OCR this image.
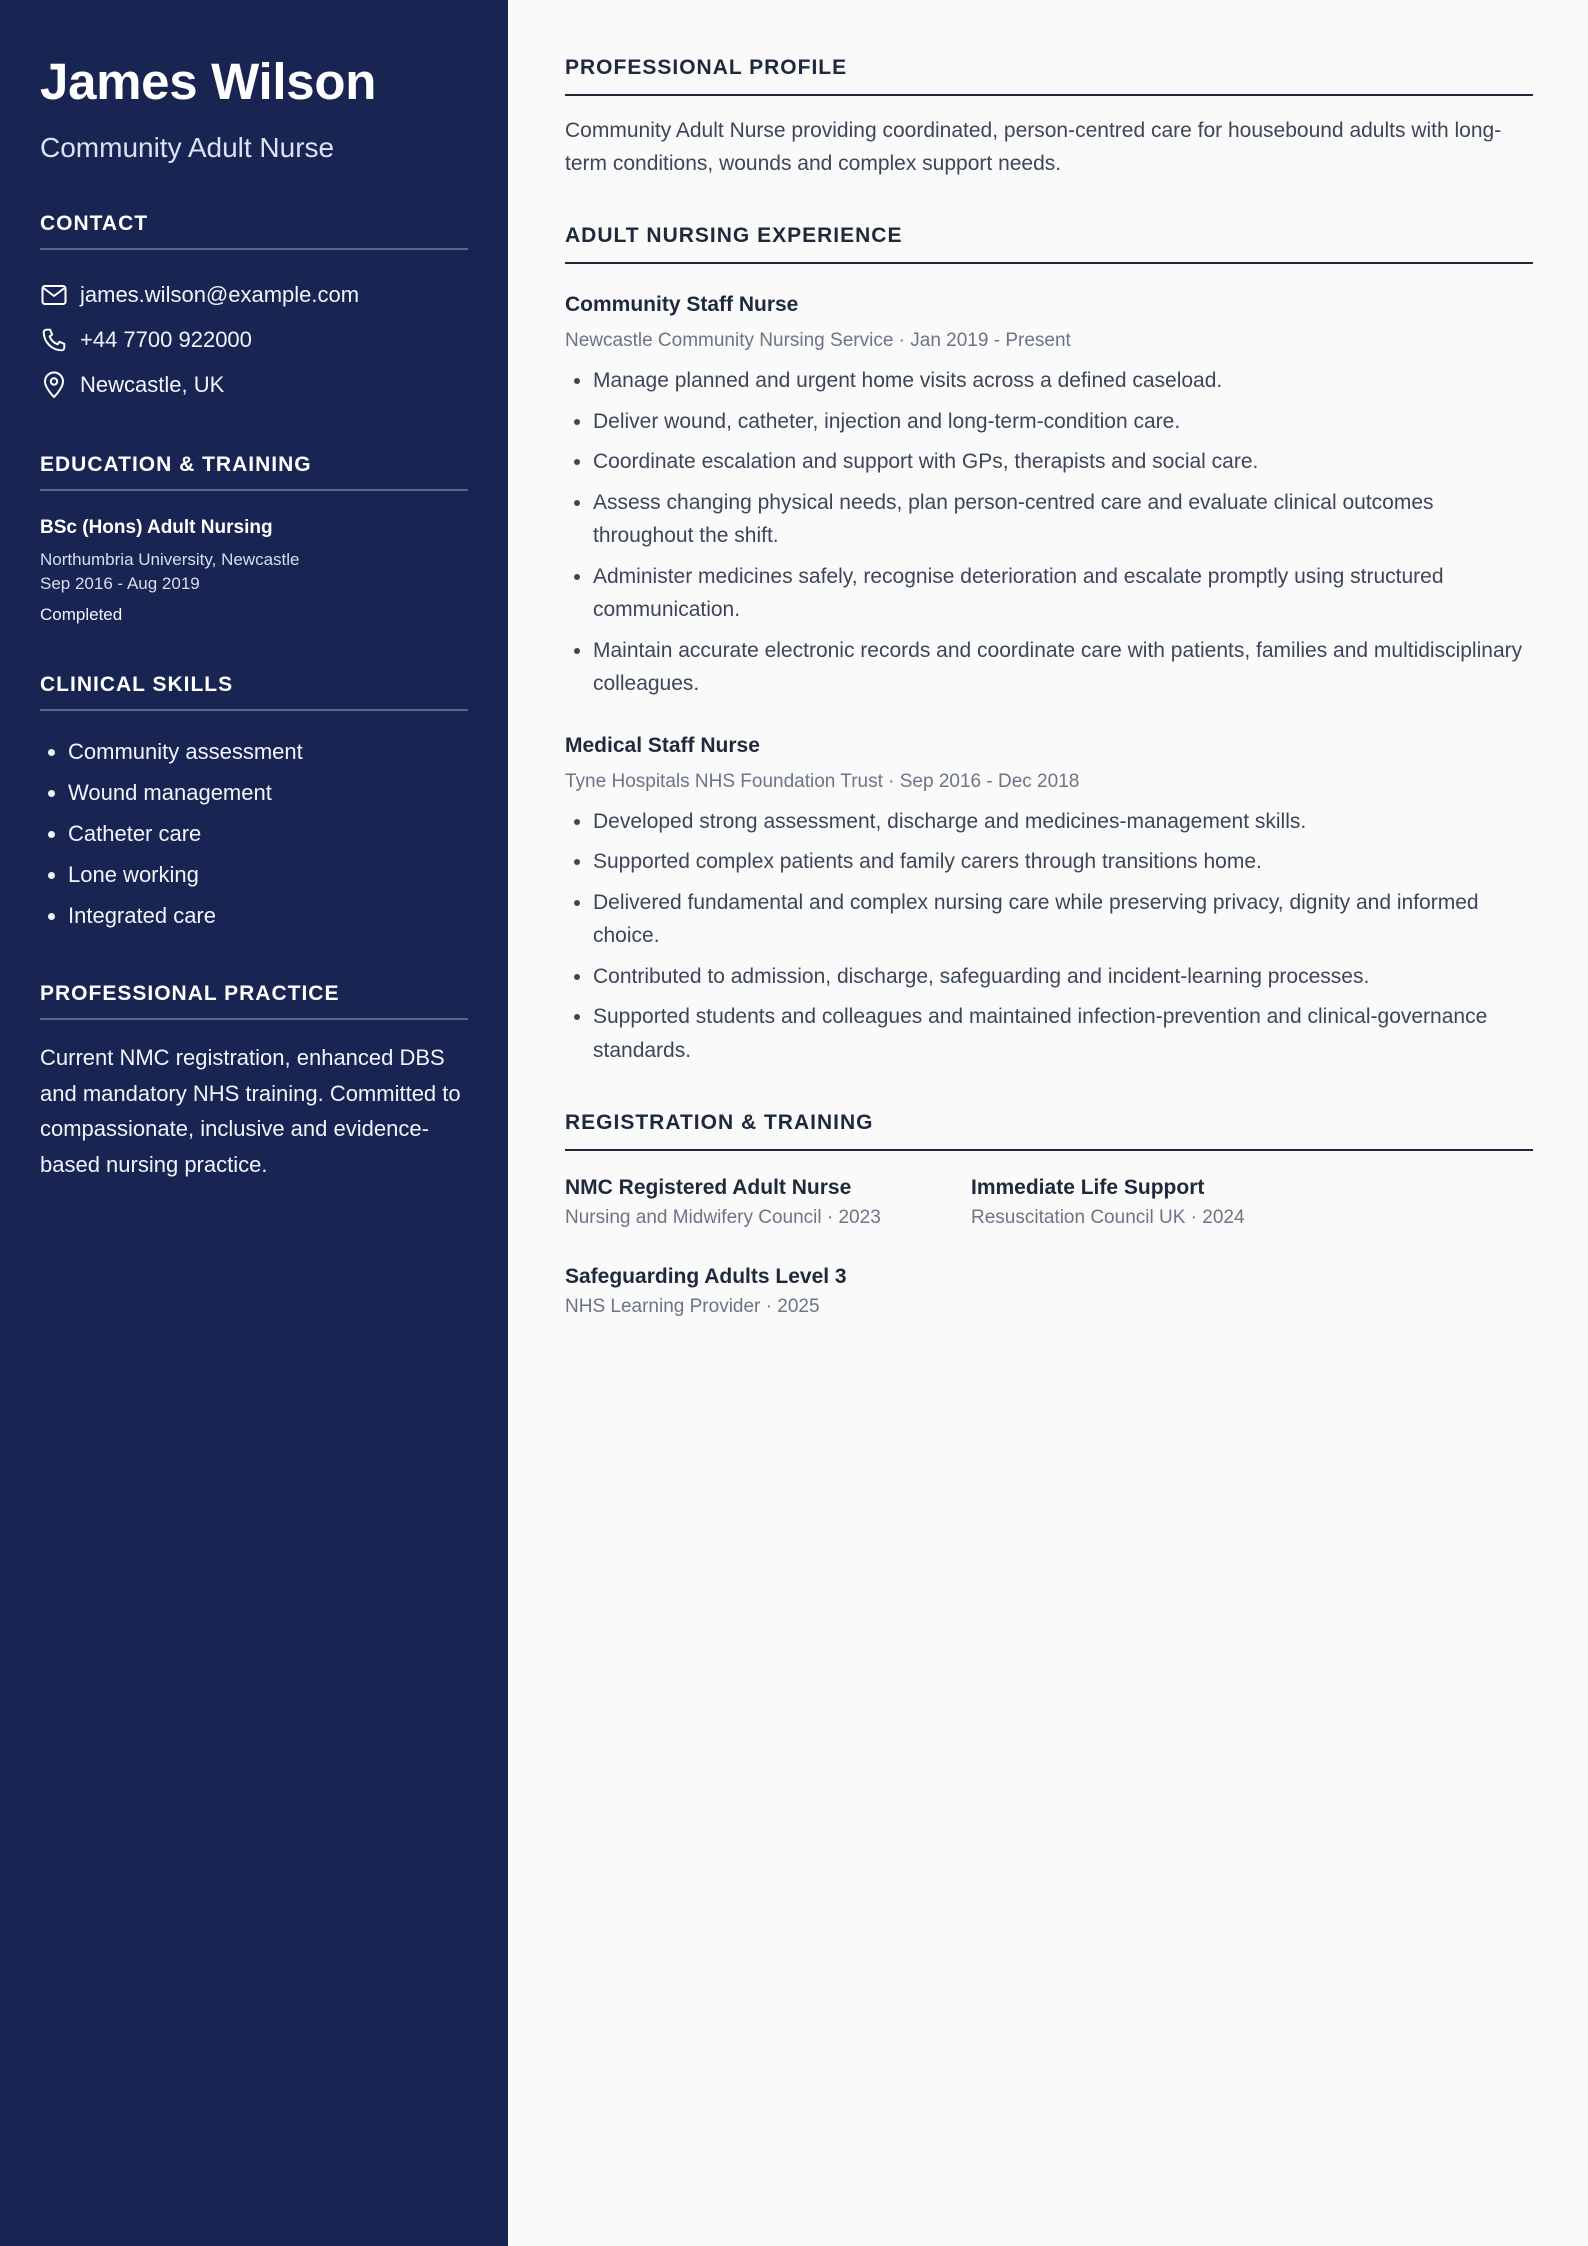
James Wilson
Community Adult Nurse
CONTACT
james.wilson@example.com
+44 7700 922000
Newcastle, UK
EDUCATION & TRAINING
BSc (Hons) Adult Nursing
Northumbria University, Newcastle
Sep 2016 - Aug 2019
Completed
CLINICAL SKILLS
• Community assessment
• Wound management
• Catheter care
• Lone working
• Integrated care
PROFESSIONAL PRACTICE

Current NMC registration, enhanced DBS and mandatory NHS training. Committed to compassionate, inclusive and evidence-based nursing practice.

PROFESSIONAL PROFILE

Community Adult Nurse providing coordinated, person-centred care for housebound adults with long-term conditions, wounds and complex support needs.

ADULT NURSING EXPERIENCE
Community Staff Nurse
Newcastle Community Nursing Service · Jan 2019 - Present
• Manage planned and urgent home visits across a defined caseload.
• Deliver wound, catheter, injection and long-term-condition care.
• Coordinate escalation and support with GPs, therapists and social care.
• Assess changing physical needs, plan person-centred care and evaluate clinical outcomes throughout the shift.
• Administer medicines safely, recognise deterioration and escalate promptly using structured communication.
• Maintain accurate electronic records and coordinate care with patients, families and multidisciplinary colleagues.
Medical Staff Nurse
Tyne Hospitals NHS Foundation Trust · Sep 2016 - Dec 2018
• Developed strong assessment, discharge and medicines-management skills.
• Supported complex patients and family carers through transitions home.
• Delivered fundamental and complex nursing care while preserving privacy, dignity and informed choice.
• Contributed to admission, discharge, safeguarding and incident-learning processes.
• Supported students and colleagues and maintained infection-prevention and clinical-governance standards.
REGISTRATION & TRAINING
NMC Registered Adult Nurse
Nursing and Midwifery Council · 2023
Immediate Life Support
Resuscitation Council UK · 2024
Safeguarding Adults Level 3
NHS Learning Provider · 2025
